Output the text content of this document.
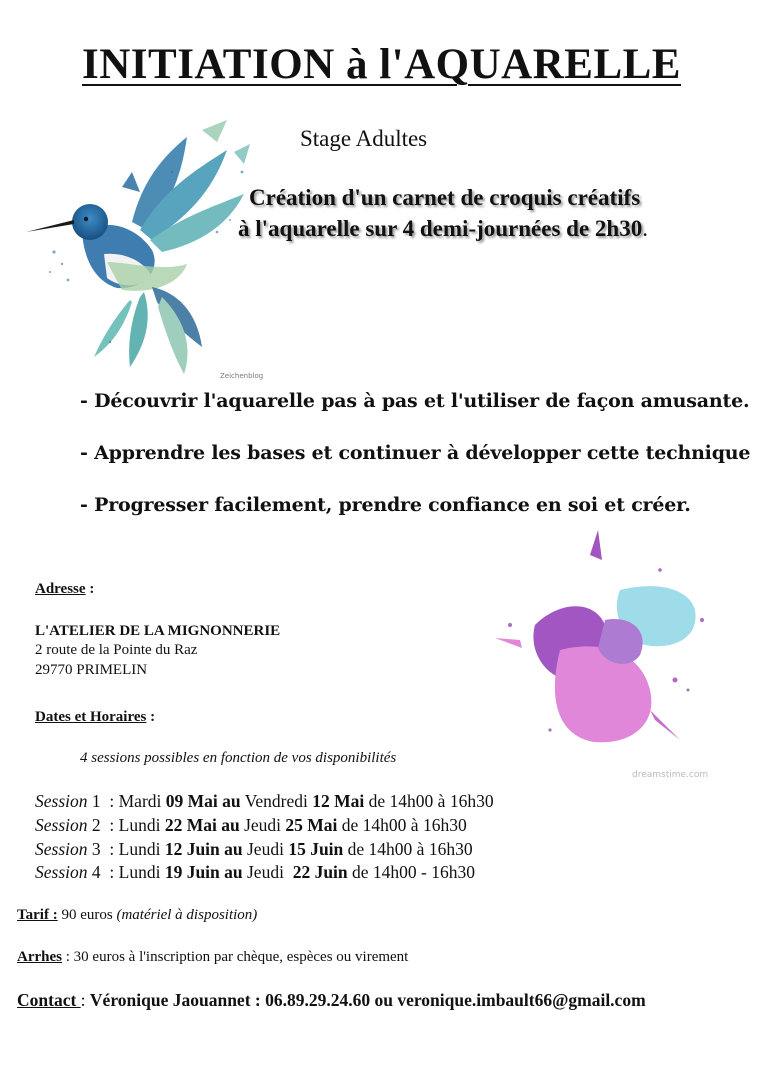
INITIATION à l'AQUARELLE
Zeichenblog
Stage Adultes
Création d'un carnet de croquis créatifs
à l'aquarelle sur 4 demi-journées de 2h30.
- Découvrir l'aquarelle pas à pas et l'utiliser de façon amusante.
- Apprendre les bases et continuer à développer cette technique
- Progresser facilement, prendre confiance en soi et créer.
Adresse :
L'ATELIER DE LA MIGNONNERIE
2 route de la Pointe du Raz
29770 PRIMELIN
dreamstime.com
Dates et Horaires :
4 sessions possibles en fonction de vos disponibilités
Session 1  : Mardi 09 Mai au Vendredi 12 Mai de 14h00 à 16h30
Session 2  : Lundi 22 Mai au Jeudi 25 Mai de 14h00 à 16h30
Session 3  : Lundi 12 Juin au Jeudi 15 Juin de 14h00 à 16h30
Session 4  : Lundi 19 Juin au Jeudi  22 Juin de 14h00 - 16h30
Tarif : 90 euros (matériel à disposition)
Arrhes : 30 euros à l'inscription par chèque, espèces ou virement
Contact : Véronique Jaouannet : 06.89.29.24.60 ou veronique.imbault66@gmail.com
